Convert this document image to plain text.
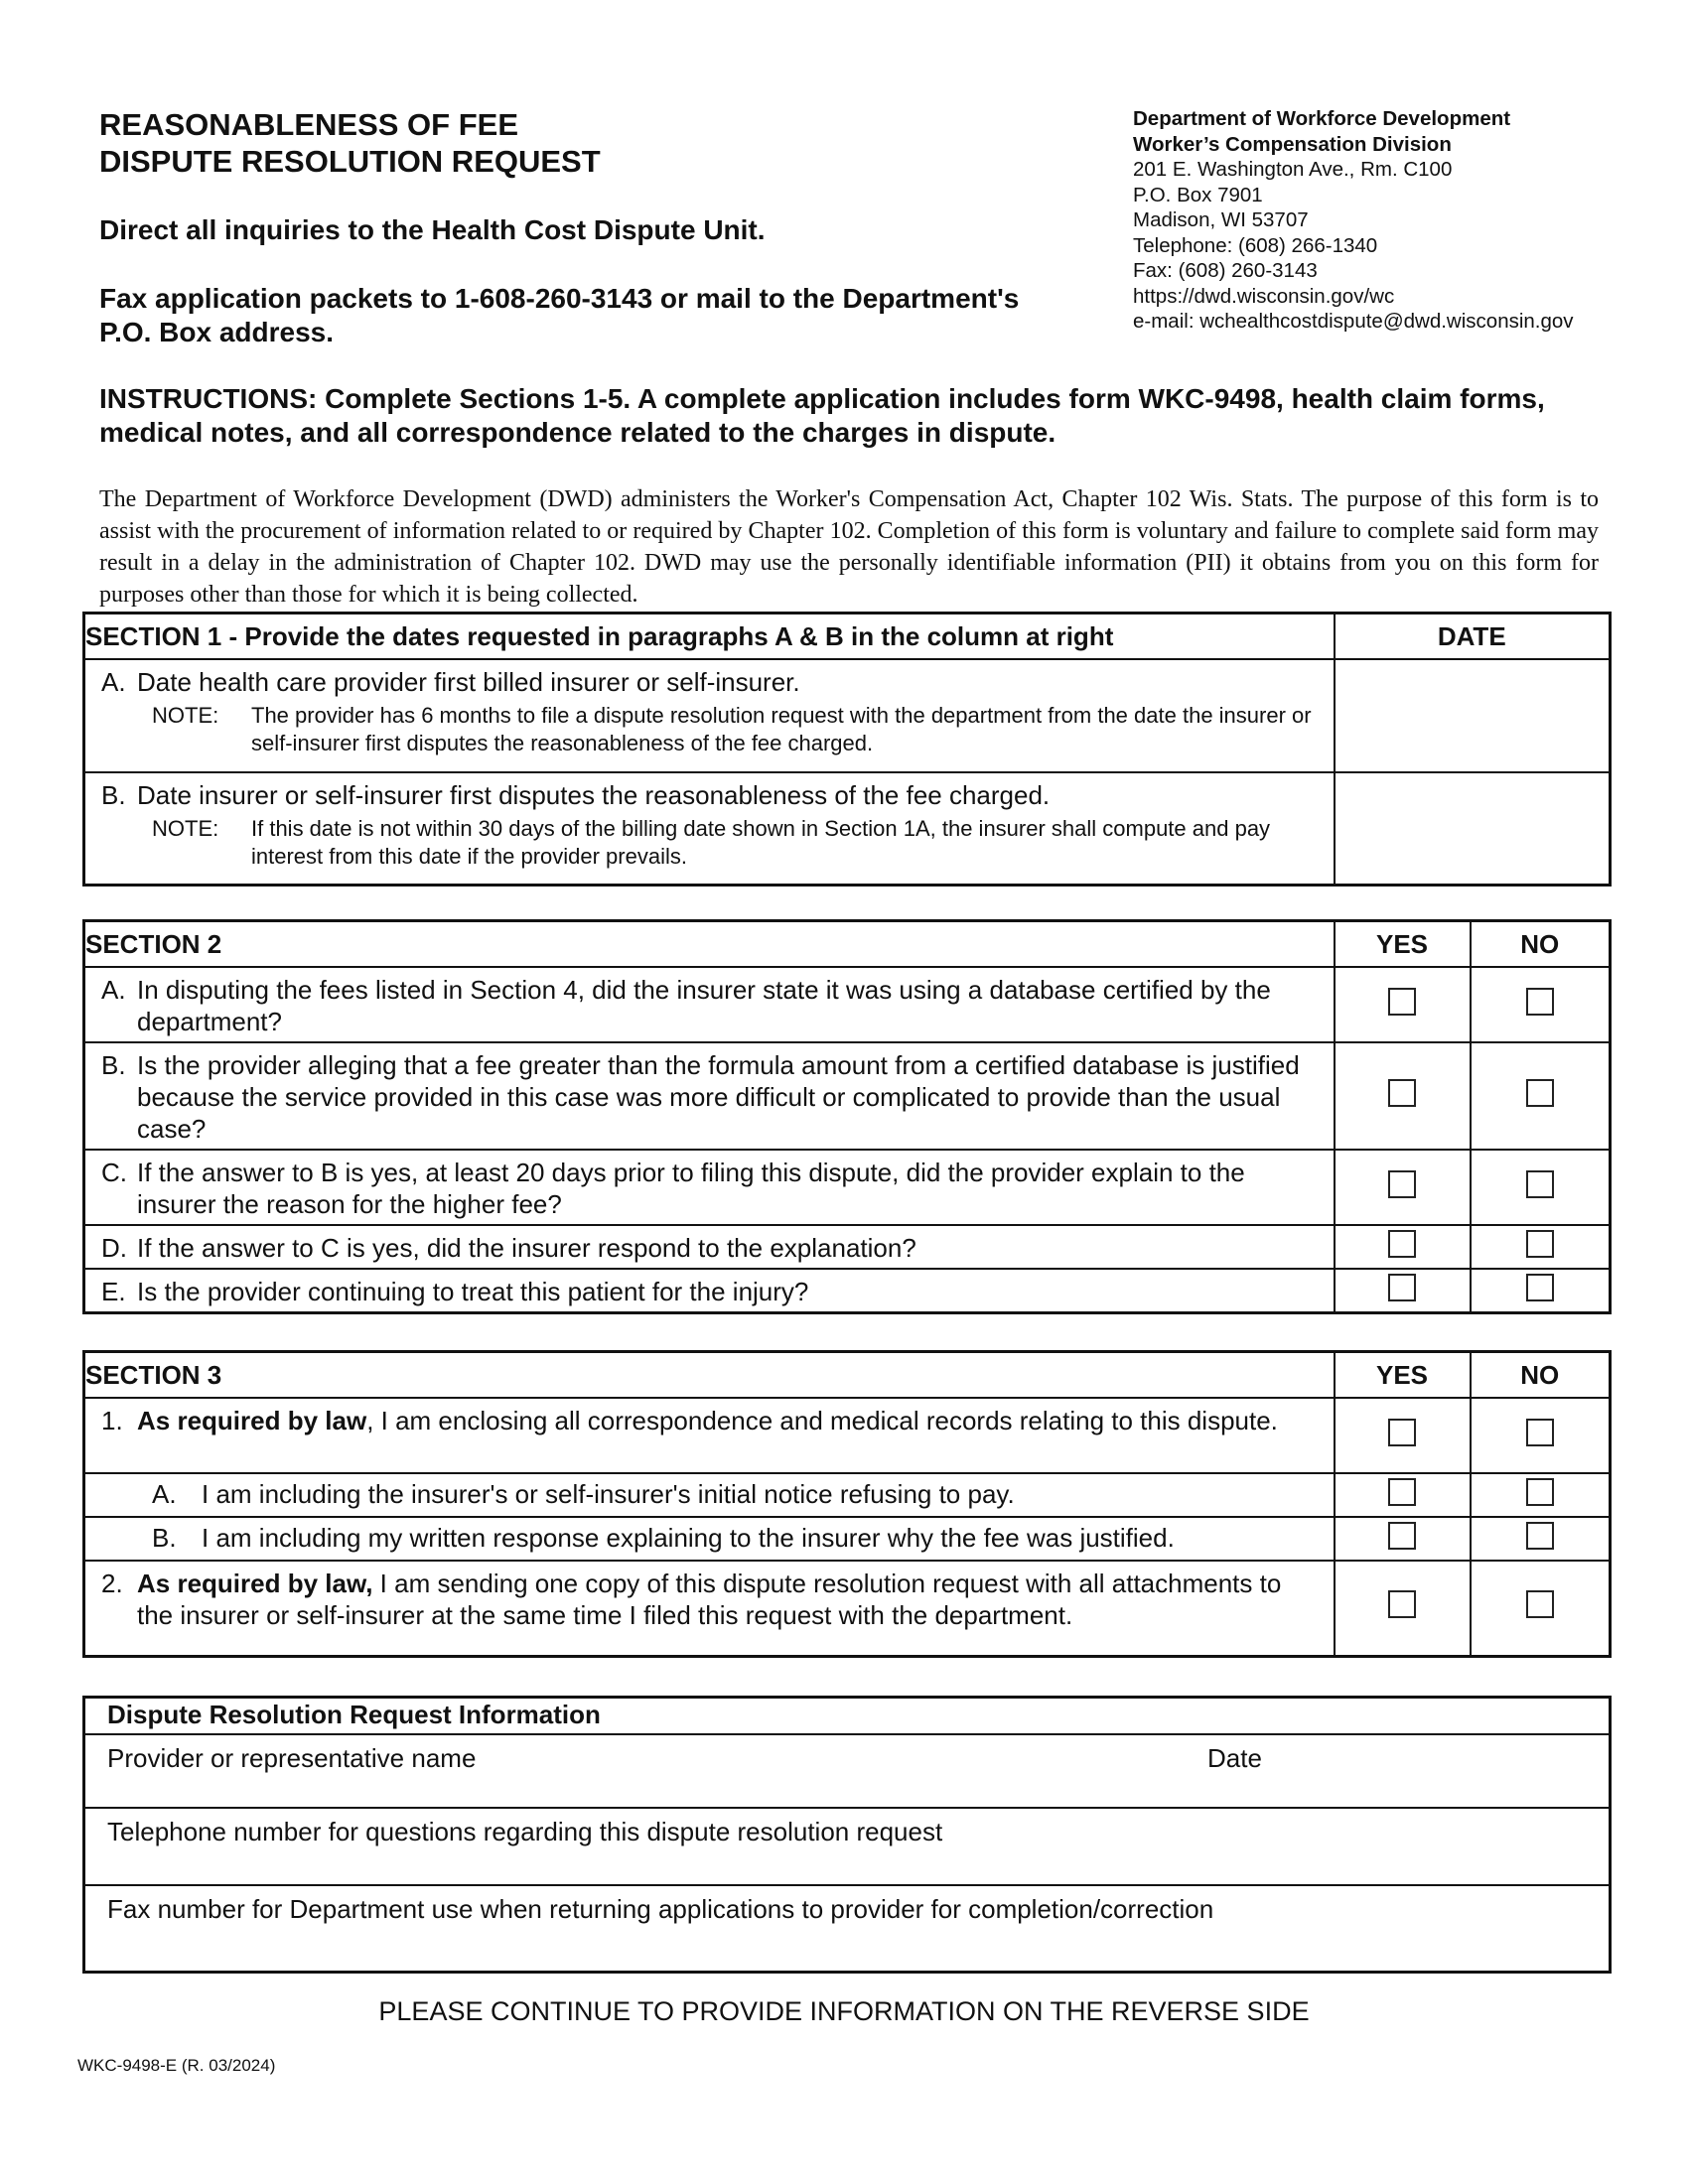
REASONABLENESS OF FEE
DISPUTE RESOLUTION REQUEST
Direct all inquiries to the Health Cost Dispute Unit.
Fax application packets to 1-608-260-3143 or mail to the Department's
P.O. Box address.
Department of Workforce Development
Worker’s Compensation Division
201 E. Washington Ave., Rm. C100
P.O. Box 7901
Madison, WI 53707
Telephone: (608) 266-1340
Fax: (608) 260-3143
https://dwd.wisconsin.gov/wc
e-mail: wchealthcostdispute@dwd.wisconsin.gov
INSTRUCTIONS: Complete Sections 1-5. A complete application includes form WKC-9498, health claim forms, medical notes, and all correspondence related to the charges in dispute.
The Department of Workforce Development (DWD) administers the Worker's Compensation Act, Chapter 102 Wis. Stats. The purpose of this form is to assist with the procurement of information related to or required by Chapter 102. Completion of this form is voluntary and failure to complete said form may result in a delay in the administration of Chapter 102. DWD may use the personally identifiable information (PII) it obtains from you on this form for purposes other than those for which it is being collected.
SECTION 1 - Provide the dates requested in paragraphs A & B in the column at right	DATE

A. Date health care provider first billed insurer or self-insurer.
NOTE: The provider has 6 months to file a dispute resolution request with the department from the date the insurer or self-insurer first disputes the reasonableness of the fee charged.	

B. Date insurer or self-insurer first disputes the reasonableness of the fee charged.
NOTE: If this date is not within 30 days of the billing date shown in Section 1A, the insurer shall compute and pay interest from this date if the provider prevails.	

SECTION 2	YES	NO

A. In disputing the fees listed in Section 4, did the insurer state it was using a database certified by the department?		

B. Is the provider alleging that a fee greater than the formula amount from a certified database is justified because the service provided in this case was more difficult or complicated to provide than the usual case?		

C. If the answer to B is yes, at least 20 days prior to filing this dispute, did the provider explain to the insurer the reason for the higher fee?		

D. If the answer to C is yes, did the insurer respond to the explanation?		

E. Is the provider continuing to treat this patient for the injury?		

SECTION 3	YES	NO

1. As required by law, I am enclosing all correspondence and medical records relating to this dispute.		

A. I am including the insurer's or self-insurer's initial notice refusing to pay.		

B. I am including my written response explaining to the insurer why the fee was justified.		

2. As required by law, I am sending one copy of this dispute resolution request with all attachments to the insurer or self-insurer at the same time I filed this request with the department.		

Dispute Resolution Request Information
Provider or representative name	Date
Telephone number for questions regarding this dispute resolution request
Fax number for Department use when returning applications to provider for completion/correction
PLEASE CONTINUE TO PROVIDE INFORMATION ON THE REVERSE SIDE
WKC-9498-E (R. 03/2024)
